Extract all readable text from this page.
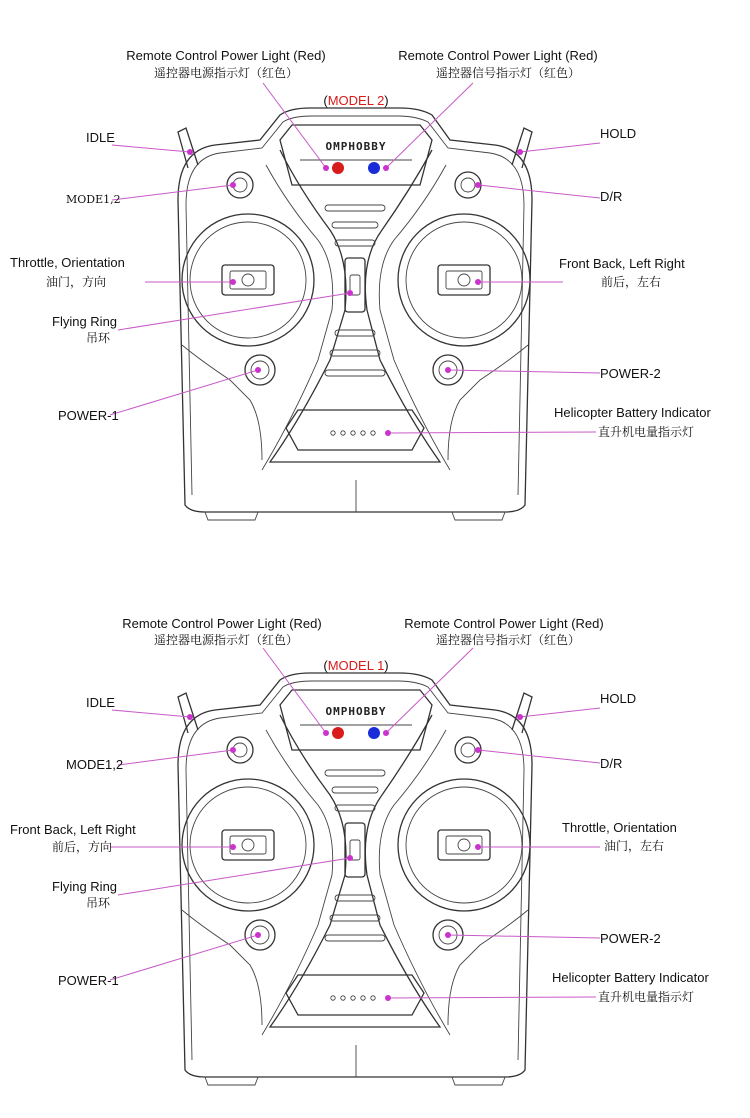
OMPHOBBY
(MODEL 2)
Remote Control Power Light (Red)
遥控器电源指示灯（红色）
Remote Control Power Light (Red)
遥控器信号指示灯（红色）
IDLE	HOLD
MODE1,2	D/R
Throttle, Orientation
油门，方向
Front Back, Left Right
前后，左右
Flying Ring
吊环
POWER-2
POWER-1	Helicopter Battery Indicator
直升机电量指示灯
OMPHOBBY
(MODEL 1)
Remote Control Power Light (Red)
遥控器电源指示灯（红色）
Remote Control Power Light (Red)
遥控器信号指示灯（红色）
IDLE	HOLD
MODE1,2	D/R
Front Back, Left Right
前后，方向
Throttle, Orientation
油门，左右
Flying Ring
吊环
POWER-2
POWER-1	Helicopter Battery Indicator
直升机电量指示灯
